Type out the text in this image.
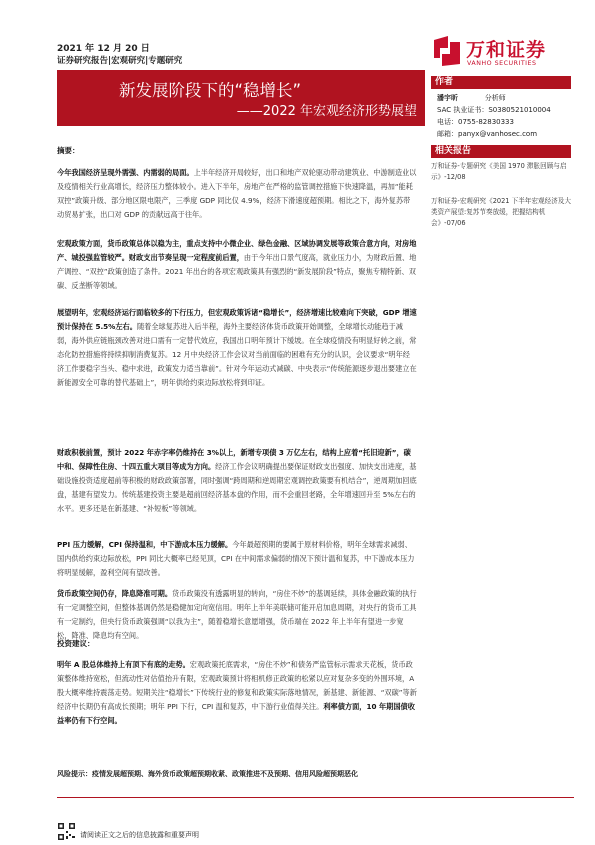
2021 年 12 月 20 日
证券研究报告|宏观研究|专题研究	万和证券
VANHO SECURITIES
新发展阶段下的“稳增长”
——2022 年宏观经济形势展望
作者
潘宇昕	分析师
SAC 执业证书：S0380521010004
电话：0755-82830333
邮箱：panyx@vanhosec.com
相关报告
万和证券-专题研究《美国 1970 滞胀回顾与启示》-12/08
万和证券-宏观研究《2021 下半年宏观经济及大类资产展望:复苏节奏放缓，把握结构机会》-07/06
摘要：
今年我国经济呈现外需强、内需弱的局面。上半年经济开局较好，出口和地产双轮驱动带动建筑业、中游制造业以及疫情相关行业高增长，经济压力整体较小。进入下半年，房地产在严格的监管调控措施下快速降温，再加“能耗双控”政策升级、部分地区限电限产，三季度 GDP 同比仅 4.9%，经济下滑速度超预期。相比之下，海外复苏带动贸易扩张，出口对 GDP 的贡献远高于往年。
宏观政策方面，货币政策总体以稳为主，重点支持中小微企业、绿色金融、区域协调发展等政策合意方向，对房地产、城投强监管较严。财政支出节奏呈现一定程度前后置，由于今年出口景气度高，就业压力小，为财政后置、地产调控、“双控”政策创造了条件。2021 年出台的各项宏观政策具有强烈的“新发展阶段”特点，聚焦专精特新、双碳、反垄断等领域。
展望明年，宏观经济运行面临较多的下行压力，但宏观政策诉诸“稳增长”，经济增速比较难向下突破，GDP 增速预计保持在 5.5%左右。随着全球复苏进入后半程，海外主要经济体货币政策开始调整，全球增长动能趋于减弱，海外供应链瓶颈改善对进口需有一定替代效应，我国出口明年预计下缓坡。在全球疫情没有明显好转之前，常态化防控措施将持续抑制消费复苏。12 月中央经济工作会议对当前面临的困难有充分的认识，会议要求“明年经济工作要稳字当头、稳中求进，政策发力适当靠前”。针对今年运动式减碳、中央表示“传统能源逐步退出要建立在新能源安全可靠的替代基础上”，明年供给约束边际放松将到印证。
财政积极前置，预计 2022 年赤字率仍维持在 3%以上，新增专项债 3 万亿左右，结构上应着“托旧迎新”，碳中和、保障性住房、十四五重大项目等成为方向。经济工作会议明确提出要保证财政支出强度、加快支出进度，基础设施投资适度超前等积极的财政政策部署，同时强调“跨周期和逆周期宏观调控政策要有机结合”，逆周期加回底盘，基建有望发力。传统基建投资主要是超前回经济基本盘的作用，而不会重回老路，全年增速回升至 5%左右的水平。更多还是在新基建、“补短板”等领域。
PPI 压力缓解，CPI 保持温和，中下游成本压力缓解。今年最超预期的要属于原材料价格，明年全球需求减弱、国内供给约束边际放松，PPI 同比大概率已经见顶，CPI 在中间需求偏弱的情况下预计温和复苏，中下游成本压力将明显缓解，盈利空间有望改善。
货币政策空间仍存，降息降准可期。货币政策没有透露明显的转向，“房住不炒”的基调延续，具体金融政策的执行有一定调整空间，但整体基调仍然是稳健加定向宽信用。明年上半年美联储可能开启加息周期，对央行的货币工具有一定制约，但央行货币政策强调“以我为主”，随着稳增长意愿增强，货币端在 2022 年上半年有望进一步宽松，降准、降息均有空间。
投资建议：
明年 A 股总体维持上有顶下有底的走势。宏观政策托底需求，“房住不炒”和债务严监管标示需求天花板，货币政策整体维持宽松，但流动性对估值抬升有限，宏观政策预计将相机修正政策的松紧以应对复杂多变的外围环境，A 股大概率维持震荡走势。短期关注“稳增长”下传统行业的修复和政策实际落地情况，新基建、新能源、“双碳”等新经济中长期仍有高成长预期；明年 PPI 下行，CPI 温和复苏，中下游行业值得关注。利率债方面，10 年期国债收益率仍有下行空间。
风险提示：疫情发展超预期、海外货币政策超预期收紧、政策推进不及预期、信用风险超预期恶化
请阅读正文之后的信息披露和重要声明
